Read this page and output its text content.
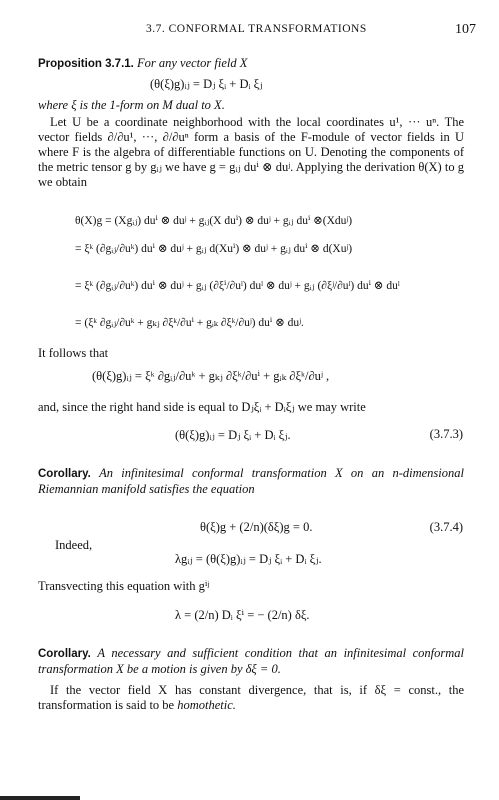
3.7. CONFORMAL TRANSFORMATIONS	107
Proposition 3.7.1. For any vector field X
(θ(ξ)g)ᵢⱼ = Dⱼ ξᵢ + Dᵢ ξⱼ
where ξ is the 1-form on M dual to X.
Let U be a coordinate neighborhood with the local coordinates u¹, ··· uⁿ. The vector fields ∂/∂u¹, ···, ∂/∂uⁿ form a basis of the F-module of vector fields in U where F is the algebra of differentiable functions on U. Denoting the components of the metric tensor g by gᵢⱼ we have g = gᵢⱼ duⁱ ⊗ duʲ. Applying the derivation θ(X) to g we obtain
θ(X)g = (Xgᵢⱼ) duⁱ ⊗ duʲ + gᵢⱼ(X duⁱ) ⊗ duʲ + gᵢⱼ duⁱ ⊗(Xduʲ)
= ξᵏ (∂gᵢⱼ/∂uᵏ) duⁱ ⊗ duʲ + gᵢⱼ d(Xuⁱ) ⊗ duʲ + gᵢⱼ duⁱ ⊗ d(Xuʲ)
= ξᵏ (∂gᵢⱼ/∂uᵏ) duⁱ ⊗ duʲ + gᵢⱼ (∂ξⁱ/∂uˡ) duˡ ⊗ duʲ + gᵢⱼ (∂ξʲ/∂uˡ) duⁱ ⊗ duˡ
= (ξᵏ ∂gᵢⱼ/∂uᵏ + gₖⱼ ∂ξᵏ/∂uⁱ + gᵢₖ ∂ξᵏ/∂uʲ) duⁱ ⊗ duʲ.
It follows that
(θ(ξ)g)ᵢⱼ = ξᵏ ∂gᵢⱼ/∂uᵏ + gₖⱼ ∂ξᵏ/∂uⁱ + gᵢₖ ∂ξᵏ/∂uʲ ,
and, since the right hand side is equal to Dⱼξᵢ + Dᵢξⱼ we may write
(θ(ξ)g)ᵢⱼ = Dⱼ ξᵢ + Dᵢ ξⱼ.	(3.7.3)
Corollary. An infinitesimal conformal transformation X on an n-dimensional Riemannian manifold satisfies the equation
θ(ξ)g + (2/n)(δξ)g = 0.	(3.7.4)
Indeed,
λgᵢⱼ = (θ(ξ)g)ᵢⱼ = Dⱼ ξᵢ + Dᵢ ξⱼ.
Transvecting this equation with gⁱʲ
λ = (2/n) Dᵢ ξⁱ = − (2/n) δξ.
Corollary. A necessary and sufficient condition that an infinitesimal conformal transformation X be a motion is given by δξ = 0.
If the vector field X has constant divergence, that is, if δξ = const., the transformation is said to be homothetic.
